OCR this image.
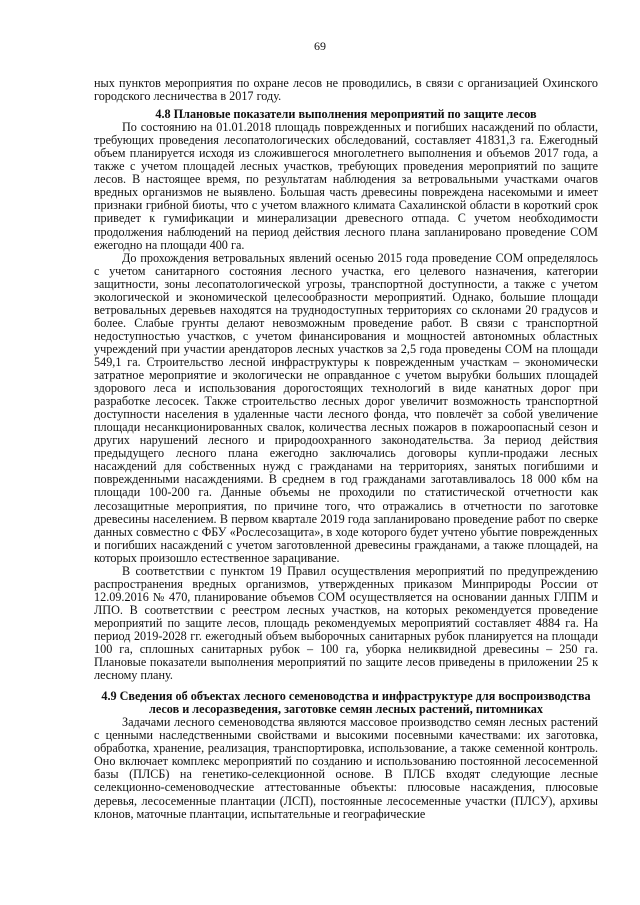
69

ных пунктов мероприятия по охране лесов не проводились, в связи с организацией Охинского городского лесничества в 2017 году.

4.8 Плановые показатели выполнения мероприятий по защите лесов

По состоянию на 01.01.2018 площадь поврежденных и погибших насаждений по области, требующих проведения лесопатологических обследований, составляет 41831,3 га. Ежегодный объем планируется исходя из сложившегося многолетнего выполнения и объемов 2017 года, а также с учетом площадей лесных участков, требующих проведения мероприятий по защите лесов. В настоящее время, по результатам наблюдения за ветровальными участками очагов вредных организмов не выявлено. Большая часть древесины повреждена насекомыми и имеет признаки грибной биоты, что с учетом влажного климата Сахалинской области в короткий срок приведет к гумификации и минерализации древесного отпада. С учетом необходимости продолжения наблюдений на период действия лесного плана запланировано проведение СОМ ежегодно на площади 400 га.

До прохождения ветровальных явлений осенью 2015 года проведение СОМ определялось с учетом санитарного состояния лесного участка, его целевого назначения, категории защитности, зоны лесопатологической угрозы, транспортной доступности, а также с учетом экологической и экономической целесообразности мероприятий. Однако, большие площади ветровальных деревьев находятся на труднодоступных территориях со склонами 20 градусов и более. Слабые грунты делают невозможным проведение работ. В связи с транспортной недоступностью участков, с учетом финансирования и мощностей автономных областных учреждений при участии арендаторов лесных участков за 2,5 года проведены СОМ на площади 549,1 га. Строительство лесной инфраструктуры к поврежденным участкам – экономически затратное мероприятие и экологически не оправданное с учетом вырубки больших площадей здорового леса и использования дорогостоящих технологий в виде канатных дорог при разработке лесосек. Также строительство лесных дорог увеличит возможность транспортной доступности населения в удаленные части лесного фонда, что повлечёт за собой увеличение площади несанкционированных свалок, количества лесных пожаров в пожароопасный сезон и других нарушений лесного и природоохранного законодательства. За период действия предыдущего лесного плана ежегодно заключались договоры купли-продажи лесных насаждений для собственных нужд с гражданами на территориях, занятых погибшими и поврежденными насаждениями. В среднем в год гражданами заготавливалось 18 000 кбм на площади 100-200 га. Данные объемы не проходили по статистической отчетности как лесозащитные мероприятия, по причине того, что отражались в отчетности по заготовке древесины населением. В первом квартале 2019 года запланировано проведение работ по сверке данных совместно с ФБУ «Рослесозащита», в ходе которого будет учтено убытие поврежденных и погибших насаждений с учетом заготовленной древесины гражданами, а также площадей, на которых произошло естественное зарацивание.

В соответствии с пунктом 19 Правил осуществления мероприятий по предупреждению распространения вредных организмов, утвержденных приказом Минприроды России от 12.09.2016 № 470, планирование объемов СОМ осуществляется на основании данных ГЛПМ и ЛПО. В соответствии с реестром лесных участков, на которых рекомендуется проведение мероприятий по защите лесов, площадь рекомендуемых мероприятий составляет 4884 га. На период 2019-2028 гг. ежегодный объем выборочных санитарных рубок планируется на площади 100 га, сплошных санитарных рубок – 100 га, уборка неликвидной древесины – 250 га. Плановые показатели выполнения мероприятий по защите лесов приведены в приложении 25 к лесному плану.

4.9 Сведения об объектах лесного семеноводства и инфраструктуре для воспроизводства лесов и лесоразведения, заготовке семян лесных растений, питомниках

Задачами лесного семеноводства являются массовое производство семян лесных растений с ценными наследственными свойствами и высокими посевными качествами: их заготовка, обработка, хранение, реализация, транспортировка, использование, а также семенной контроль. Оно включает комплекс мероприятий по созданию и использованию постоянной лесосеменной базы (ПЛСБ) на генетико-селекционной основе. В ПЛСБ входят следующие лесные селекционно-семеноводческие аттестованные объекты: плюсовые насаждения, плюсовые деревья, лесосеменные плантации (ЛСП), постоянные лесосеменные участки (ПЛСУ), архивы клонов, маточные плантации, испытательные и географические
